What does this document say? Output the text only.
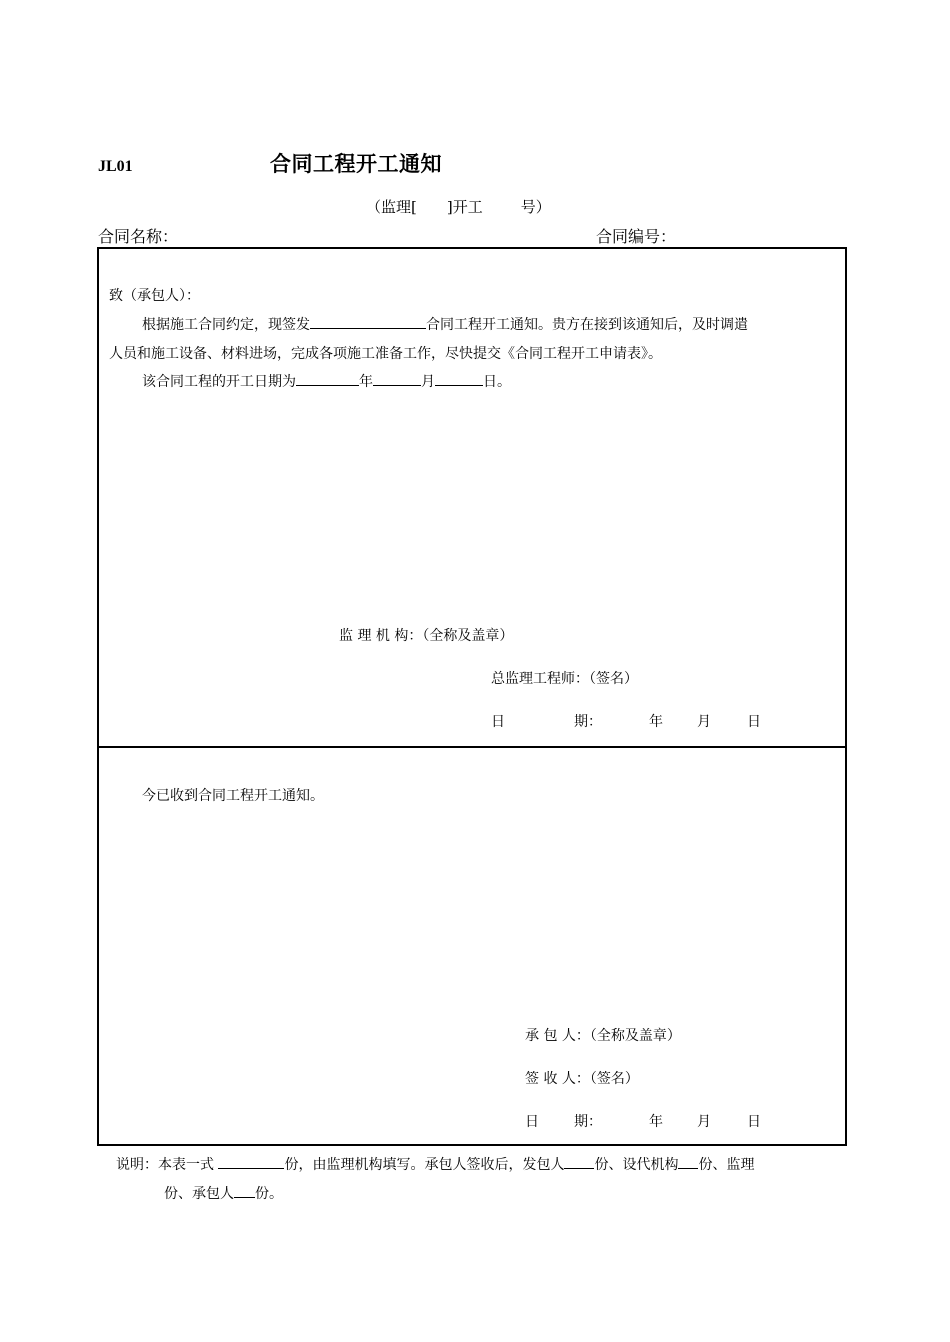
JL01	合同工程开工通知
（监理[ ]开工	号）
合同名称：	合同编号：
致（承包人）：
根据施工合同约定，现签发	合同工程开工通知。贵方在接到该通知后，及时调遣
人员和施工设备、材料进场，完成各项施工准备工作，尽快提交《合同工程开工申请表》。
该合同工程的开工日期为	年	月	日。
监 理 机 构：（全称及盖章）
总监理工程师：（签名）
日	期：	年 月	日
今已收到合同工程开工通知。
承 包 人：（全称及盖章）
签 收 人：（签名）
日	期：	年 月	日
说明：本表一式	份，由监理机构填写。承包人签收后，发包人 份、设代机构 份、监理
份、承包人 份。
